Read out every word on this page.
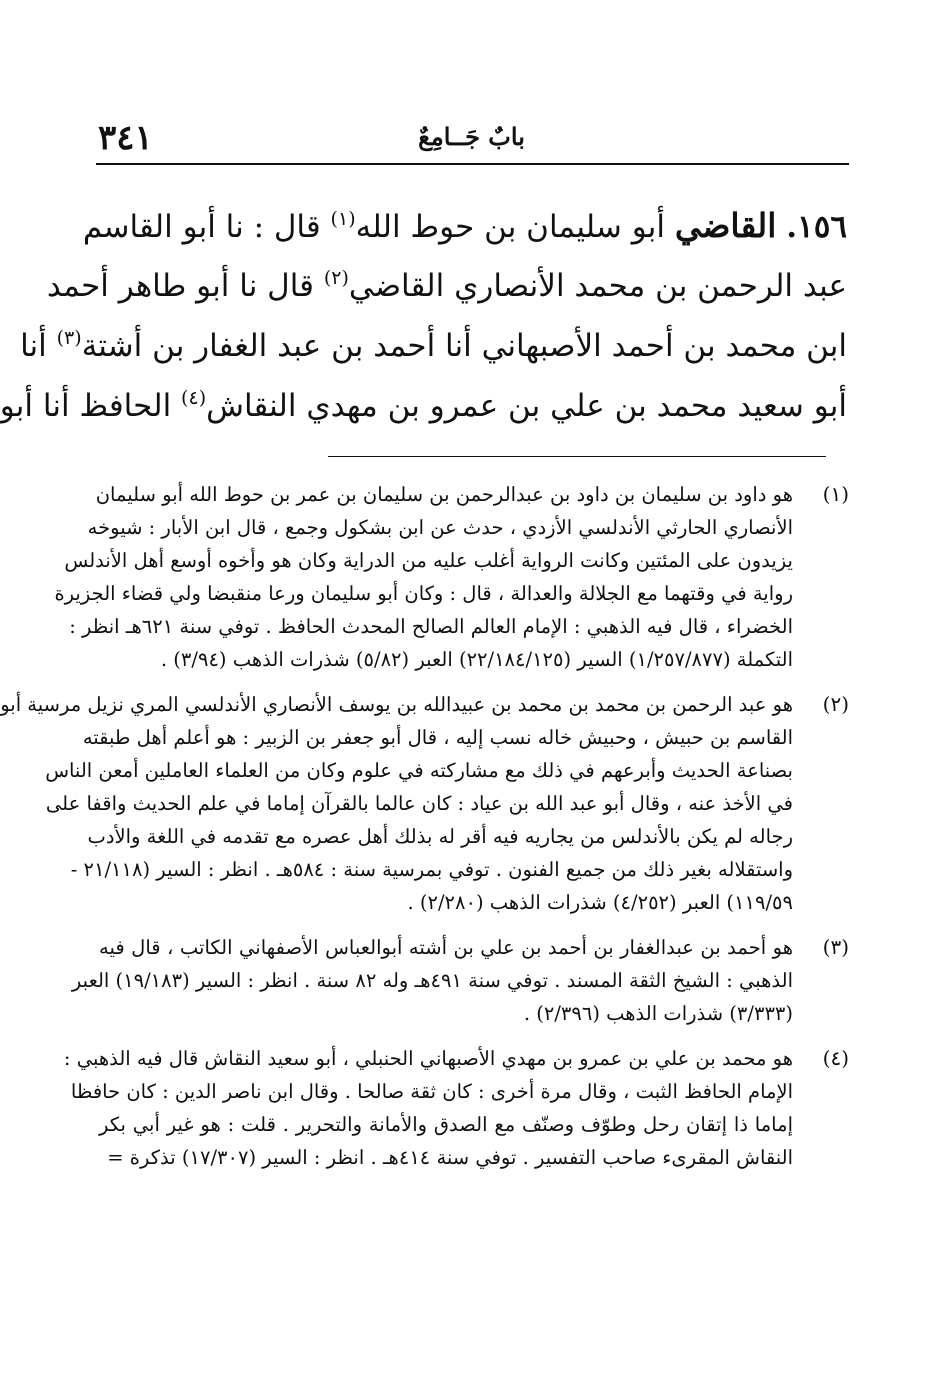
٣٤١	بابٌ جَــامِعٌ
١٥٦. القاضي أبو سليمان بن حوط الله$^{(١)}$ قال : نا أبو القاسم
عبد الرحمن بن محمد الأنصاري القاضي$^{(٢)}$ قال نا أبو طاهر أحمد
ابن محمد بن أحمد الأصبهاني أنا أحمد بن عبد الغفار بن أشتة$^{(٣)}$ أنا
أبو سعيد محمد بن علي بن عمرو بن مهدي النقاش$^{(٤)}$ الحافظ أنا أبو
(١)
هو داود بن سليمان بن داود بن عبدالرحمن بن سليمان بن عمر بن حوط الله أبو سليمان
الأنصاري الحارثي الأندلسي الأزدي ، حدث عن ابن بشكول وجمع ، قال ابن الأبار : شيوخه
يزيدون على المئتين وكانت الرواية أغلب عليه من الدراية وكان هو وأخوه أوسع أهل الأندلس
رواية في وقتهما مع الجلالة والعدالة ، قال : وكان أبو سليمان ورعا منقبضا ولي قضاء الجزيرة
الخضراء ، قال فيه الذهبي : الإمام العالم الصالح المحدث الحافظ . توفي سنة ٦٢١هـ انظر :
التكملة (١/٢٥٧/٨٧٧) السير (٢٢/١٨٤/١٢٥) العبر (٥/٨٢) شذرات الذهب (٣/٩٤) .
(٢)
هو عبد الرحمن بن محمد بن محمد بن عبيدالله بن يوسف الأنصاري الأندلسي المري نزيل مرسية أبو
القاسم بن حبيش ، وحبيش خاله نسب إليه ، قال أبو جعفر بن الزبير : هو أعلم أهل طبقته
بصناعة الحديث وأبرعهم في ذلك مع مشاركته في علوم وكان من العلماء العاملين أمعن الناس
في الأخذ عنه ، وقال أبو عبد الله بن عياد : كان عالما بالقرآن إماما في علم الحديث واقفا على
رجاله لم يكن بالأندلس من يجاريه فيه أقر له بذلك أهل عصره مع تقدمه في اللغة والأدب
واستقلاله بغير ذلك من جميع الفنون . توفي بمرسية سنة : ٥٨٤هـ . انظر : السير (٢١/١١٨ -
١١٩/٥٩) العبر (٤/٢٥٢) شذرات الذهب (٢/٢٨٠) .
(٣)
هو أحمد بن عبدالغفار بن أحمد بن علي بن أشته أبوالعباس الأصفهاني الكاتب ، قال فيه
الذهبي : الشيخ الثقة المسند . توفي سنة ٤٩١هـ وله ٨٢ سنة . انظر : السير (١٩/١٨٣) العبر
(٣/٣٣٣) شذرات الذهب (٢/٣٩٦) .
(٤)
هو محمد بن علي بن عمرو بن مهدي الأصبهاني الحنبلي ، أبو سعيد النقاش قال فيه الذهبي :
الإمام الحافظ الثبت ، وقال مرة أخرى : كان ثقة صالحا . وقال ابن ناصر الدين : كان حافظا
إماما ذا إتقان رحل وطوّف وصنّف مع الصدق والأمانة والتحرير . قلت : هو غير أبي بكر
النقاش المقرىء صاحب التفسير . توفي سنة ٤١٤هـ . انظر : السير (١٧/٣٠٧) تذكرة =
